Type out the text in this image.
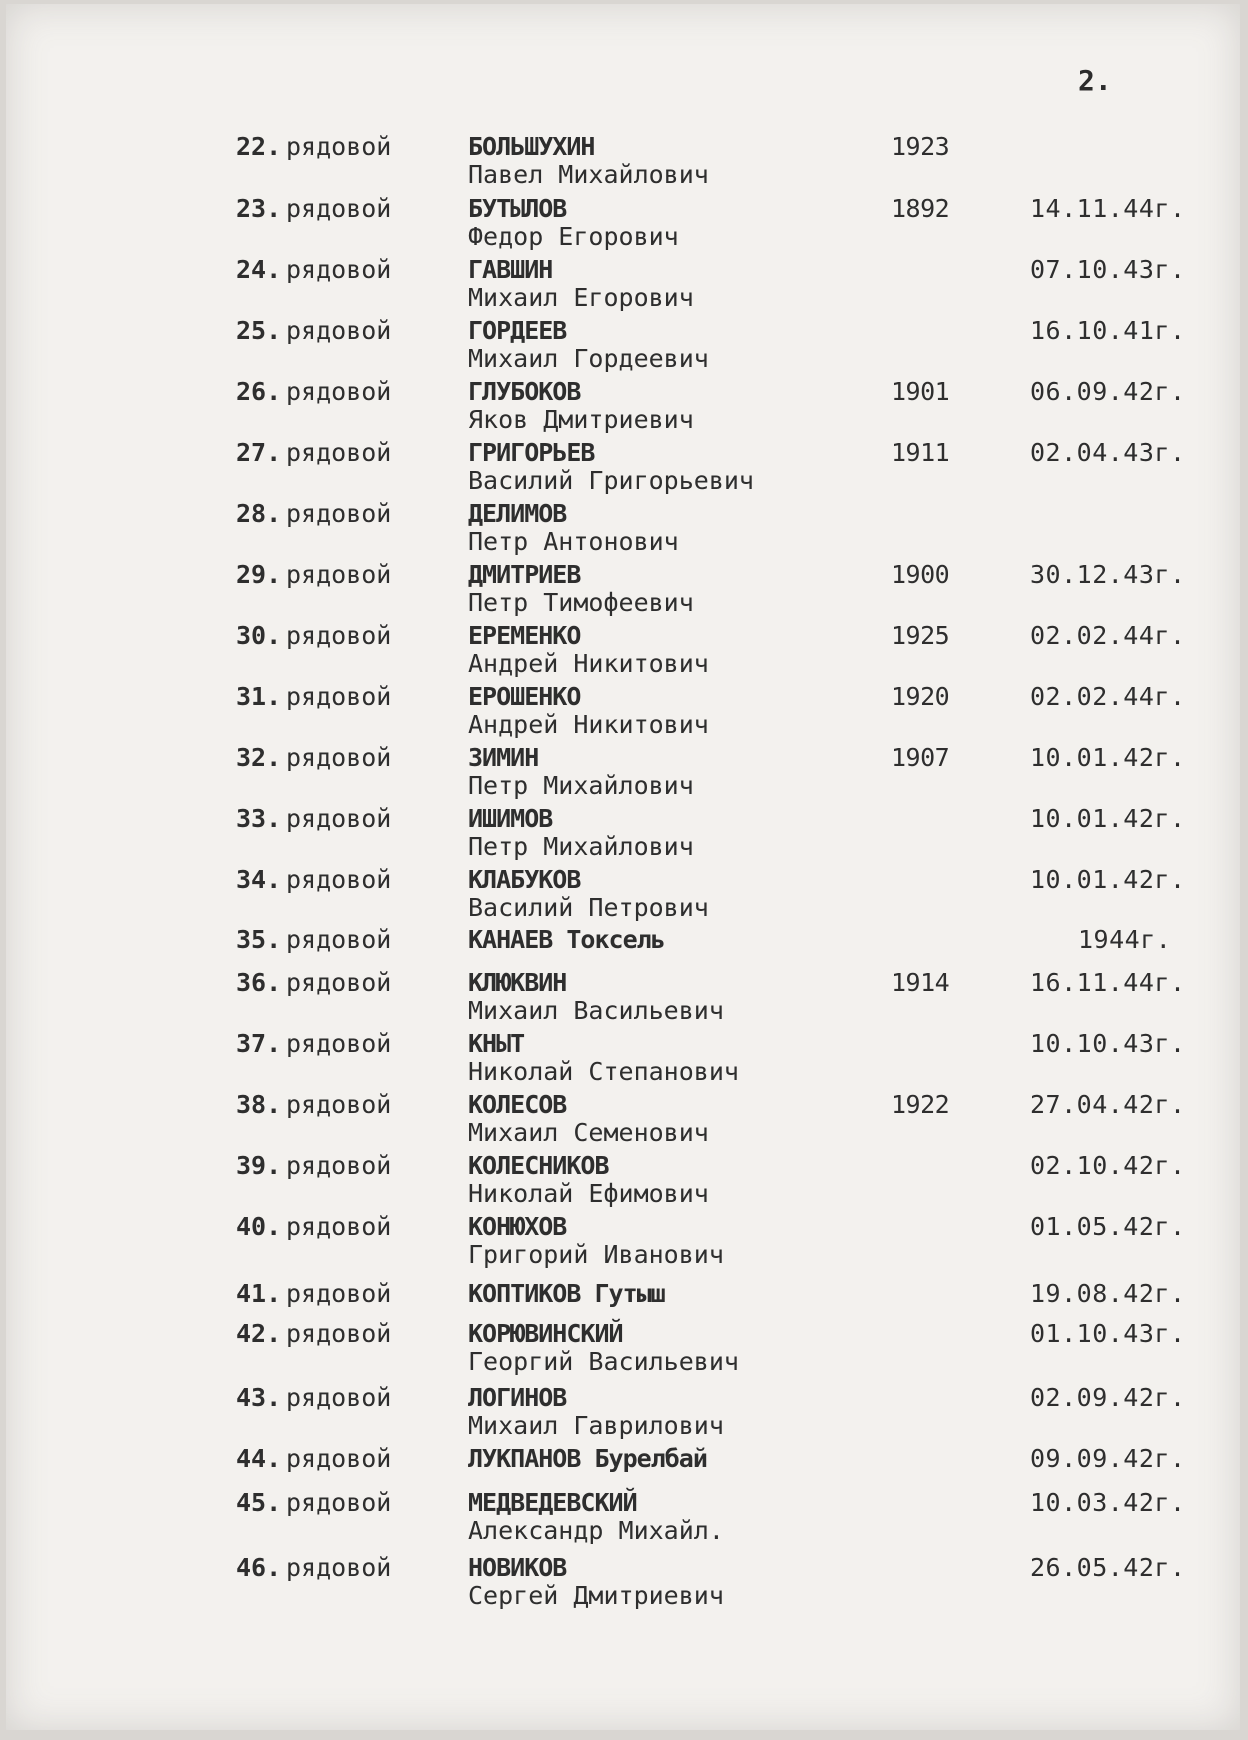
2.
22. рядовой	БОЛЬШУХИН
Павел Михайлович
1923
23. рядовой	БУТЫЛОВ
Федор Егорович
1892	14.11.44г.
24. рядовой	ГАВШИН
Михаил Егорович
07.10.43г.
25. рядовой	ГОРДЕЕВ
Михаил Гордеевич
16.10.41г.
26. рядовой	ГЛУБОКОВ
Яков Дмитриевич
1901	06.09.42г.
27. рядовой	ГРИГОРЬЕВ
Василий Григорьевич
1911	02.04.43г.
28. рядовой	ДЕЛИМОВ
Петр Антонович
29. рядовой	ДМИТРИЕВ
Петр Тимофеевич
1900	30.12.43г.
30. рядовой	ЕРЕМЕНКО
Андрей Никитович
1925	02.02.44г.
31. рядовой	ЕРОШЕНКО
Андрей Никитович
1920	02.02.44г.
32. рядовой	ЗИМИН
Петр Михайлович
1907	10.01.42г.
33. рядовой	ИШИМОВ
Петр Михайлович
10.01.42г.
34. рядовой	КЛАБУКОВ
Василий Петрович
10.01.42г.
35. рядовой	КАНАЕВ Токсель	1944г.
36. рядовой	КЛЮКВИН
Михаил Васильевич
1914	16.11.44г.
37. рядовой	КНЫТ
Николай Степанович
10.10.43г.
38. рядовой	КОЛЕСОВ
Михаил Семенович
1922	27.04.42г.
39. рядовой	КОЛЕСНИКОВ
Николай Ефимович
02.10.42г.
40. рядовой	КОНЮХОВ
Григорий Иванович
01.05.42г.
41. рядовой	КОПТИКОВ Гутыш	19.08.42г.
42. рядовой	КОРЮВИНСКИЙ
Георгий Васильевич
01.10.43г.
43. рядовой	ЛОГИНОВ
Михаил Гаврилович
02.09.42г.
44. рядовой	ЛУКПАНОВ Бурелбай	09.09.42г.
45. рядовой	МЕДВЕДЕВСКИЙ
Александр Михайл.
10.03.42г.
46. рядовой	НОВИКОВ
Сергей Дмитриевич
26.05.42г.
